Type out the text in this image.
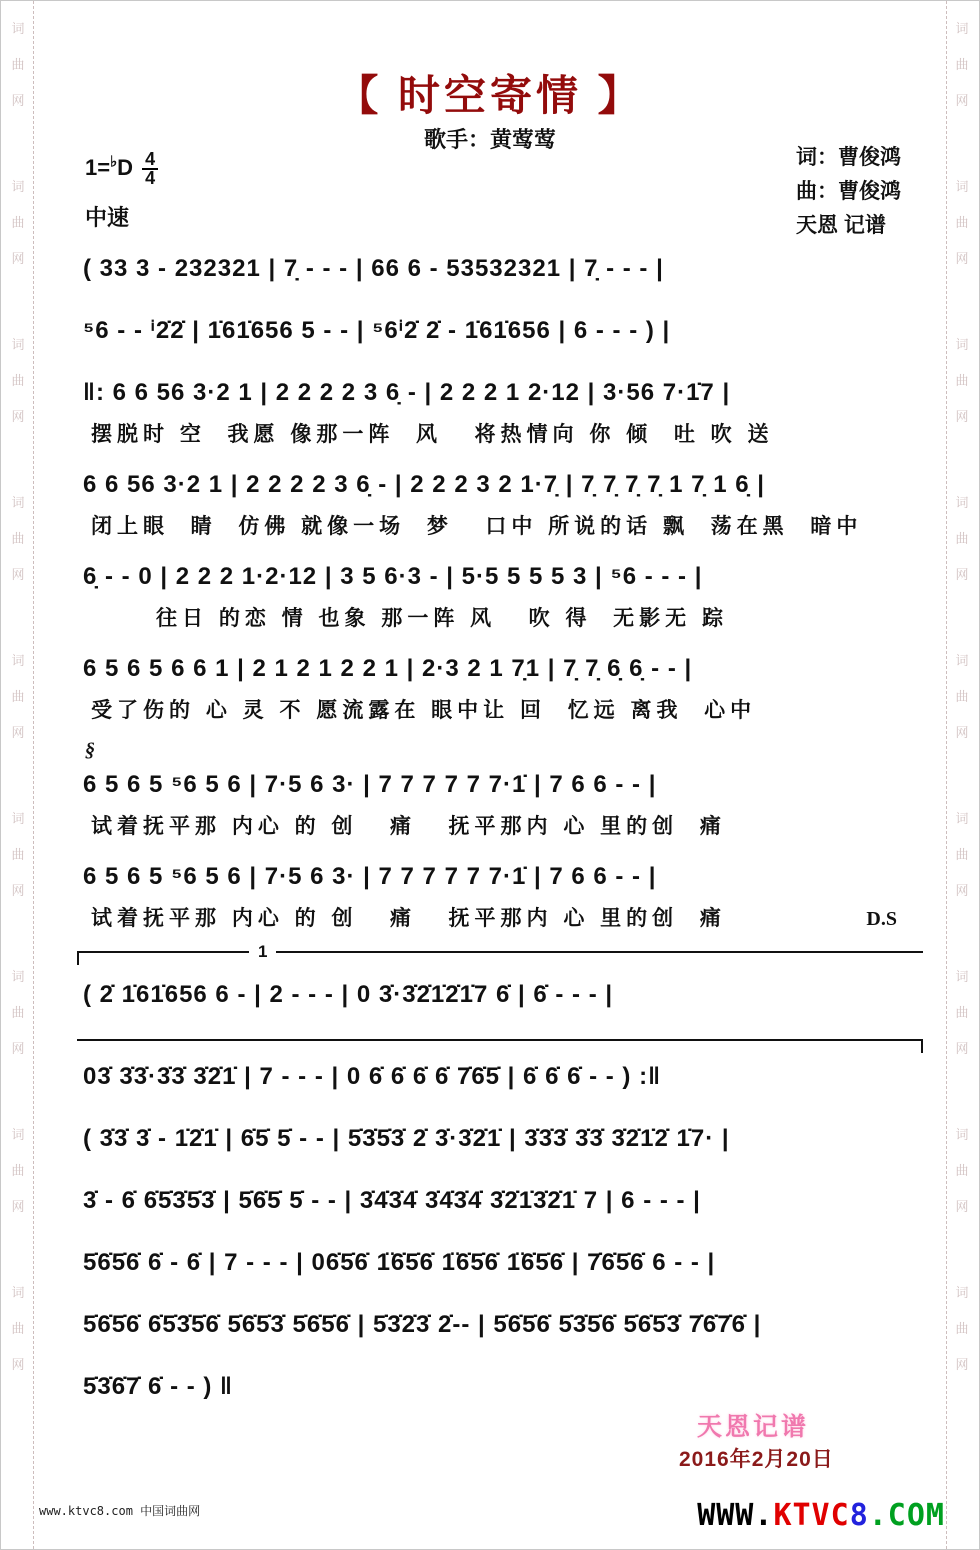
词
曲
网
词
曲
网
词
曲
网
词
曲
网
词
曲
网
词
曲
网
词
曲
网
词
曲
网
词
曲
网
词
曲
网
词
曲
网
词
曲
网
词
曲
网
词
曲
网
词
曲
网
词
曲
网
词
曲
网
词
曲
网
【 时空寄情 】
歌手：黄莺莺
$1=^♭D \frac{4}{4}$
中速
词：曹俊鸿
曲：曹俊鸿
天恩 记谱
( 33 3 - 232321 | 7̣ - - - | 66 6 - 53532321 | 7̣ - - - |
⁵6 - - ⁱ2̇2̇ | 1̇61̇656 5 - - | ⁵6ⁱ2̇ 2̇ - 1̇61̇656 | 6 - - - ) |
‖: 6 6 56 3·2 1 | 2 2 2 2 3 6̣ - | 2 2 2 1 2·12 | 3·56 7·1̇7 |
摆脱时 空  我愿 像那一阵  风   将热情向 你 倾  吐 吹 送
6 6 56 3·2 1 | 2 2 2 2 3 6̣ - | 2 2 2 3 2 1·7̣ | 7̣ 7̣ 7̣ 7̣ 1 7̣ 1 6̣ |
闭上眼  睛  仿佛 就像一场  梦   口中 所说的话 飘  荡在黑  暗中
6̣ - - 0 | 2 2 2 1·2·12 | 3 5 6·3 - | 5·5 5 5 5 3 | ⁵6 - - - |
往日 的恋 情 也象 那一阵 风   吹 得  无影无 踪
6 5 6 5 6 6 1 | 2 1 2 1 2 2 1 | 2·3 2 1 7̣1 | 7̣ 7̣ 6̣ 6̣ - - |
受了伤的 心 灵 不 愿流露在 眼中让 回  忆远 离我  心中
§
6 5 6 5 ⁵6 5 6 | 7·5 6 3· | 7 7 7 7 7 7·1̇ | 7 6 6 - - |
试着抚平那 内心 的 创   痛   抚平那内 心 里的创  痛
6 5 6 5 ⁵6 5 6 | 7·5 6 3· | 7 7 7 7 7 7·1̇ | 7 6 6 - - |
试着抚平那 内心 的 创   痛   抚平那内 心 里的创  痛	D.S
1
( 2̇ 1̇61̇656 6 - | 2 - - - | 0 3̇·3̇2̇1̇2̇1̇7 6̇ | 6̇ - - - |
03̇ 3̇3̇·3̇3̇ 3̇2̇1̇ | 7 - - - | 0 6̇ 6̇ 6̇ 6̇ 7̇6̇5̇ | 6̇ 6̇ 6̇ - - ) :‖
( 3̇3̇ 3̇ - 1̇2̇1̇ | 6̇5̇ 5̇ - - | 5̇3̇5̇3̇ 2̇ 3̇·3̇2̇1̇ | 3̇3̇3̇ 3̇3̇ 3̇2̇1̇2̇ 1̇7· |
3̇ - 6̇ 6̇5̇3̇5̇3̇ | 5̇6̇5̇ 5̇ - - | 3̇4̇3̇4̇ 3̇4̇3̇4̇ 3̇2̇1̇3̇2̇1̇ 7 | 6 - - - |
5̇6̇5̇6̇ 6̇ - 6̇ | 7 - - - | 06̇5̇6̇ 1̈6̇5̇6̇ 1̈6̇5̇6̇ 1̈6̇5̇6̇ | 7̇6̇5̇6̇ 6 - - |
5̇6̇5̇6̇ 6̇5̇3̇5̇6̇ 5̇6̇5̇3̇ 5̇6̇5̇6̇ | 5̇3̇2̇3̇ 2̇-- | 5̇6̇5̇6̇ 5̇3̇5̇6̇ 5̇6̇5̇3̇ 7̇6̇7̇6̇ |
5̇3̇6̇7̇ 6̇ - - ) ‖
天恩记谱
2016年2月20日
www.ktvc8.com 中国词曲网	WWW.KTVC8.COM
